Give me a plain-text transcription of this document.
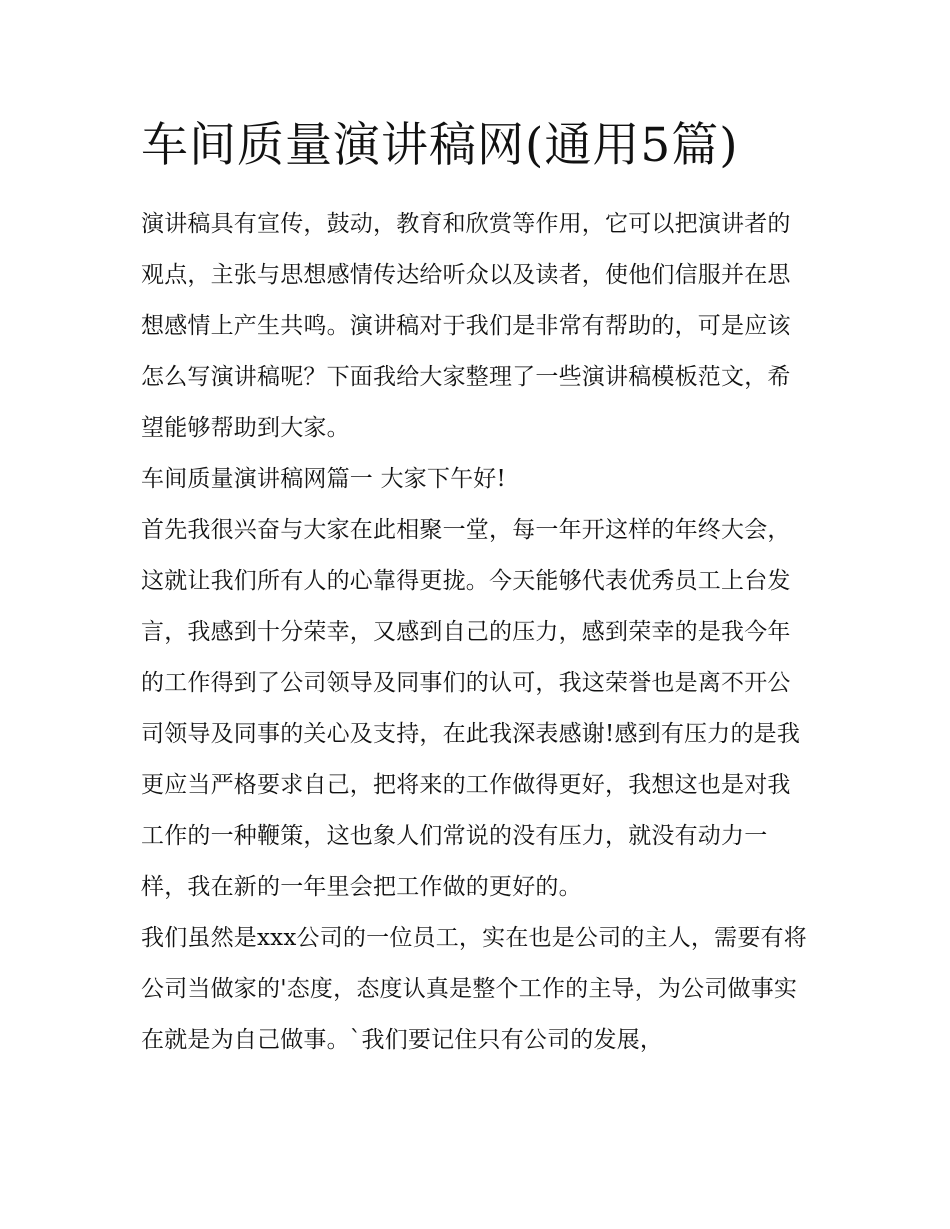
车间质量演讲稿网(通用5篇)

演讲稿具有宣传，鼓动，教育和欣赏等作用，它可以把演讲者的观点，主张与思想感情传达给听众以及读者，使他们信服并在思想感情上产生共鸣。演讲稿对于我们是非常有帮助的，可是应该怎么写演讲稿呢？下面我给大家整理了一些演讲稿模板范文，希望能够帮助到大家。

车间质量演讲稿网篇一 大家下午好!

首先我很兴奋与大家在此相聚一堂，每一年开这样的年终大会，这就让我们所有人的心靠得更拢。今天能够代表优秀员工上台发言，我感到十分荣幸，又感到自己的压力，感到荣幸的是我今年的工作得到了公司领导及同事们的认可，我这荣誉也是离不开公司领导及同事的关心及支持，在此我深表感谢!感到有压力的是我更应当严格要求自己，把将来的工作做得更好，我想这也是对我工作的一种鞭策，这也象人们常说的没有压力，就没有动力一样，我在新的一年里会把工作做的更好的。

我们虽然是xxx公司的一位员工，实在也是公司的主人，需要有将公司当做家的'态度，态度认真是整个工作的主导，为公司做事实在就是为自己做事。`我们要记住只有公司的发展，
